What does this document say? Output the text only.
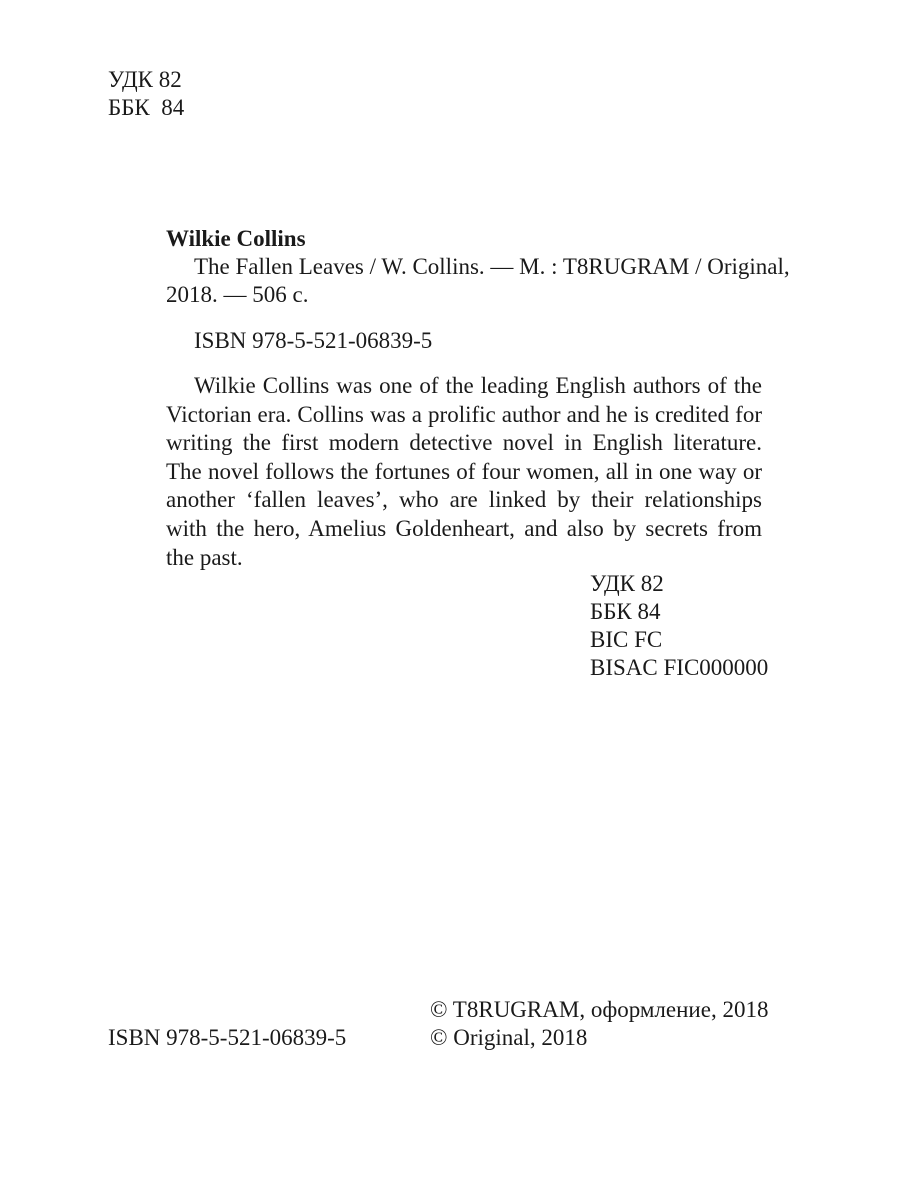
УДК 82
ББК  84
Wilkie Collins
The Fallen Leaves / W. Collins. — M. : T8RUGRAM / Original,
2018. — 506 c.
ISBN 978-5-521-06839-5

Wilkie Collins was one of the leading English authors of the Victorian era. Collins was a prolific author and he is credited for writing the first modern detective novel in English literature. The novel follows the fortunes of four women, all in one way or another ‘fallen leaves’, who are linked by their relationships with the hero, Amelius Goldenheart, and also by secrets from the past.

УДК 82
ББК 84
BIC FC
BISAC FIC000000
ISBN 978-5-521-06839-5
© T8RUGRAM, оформление, 2018
© Original, 2018
